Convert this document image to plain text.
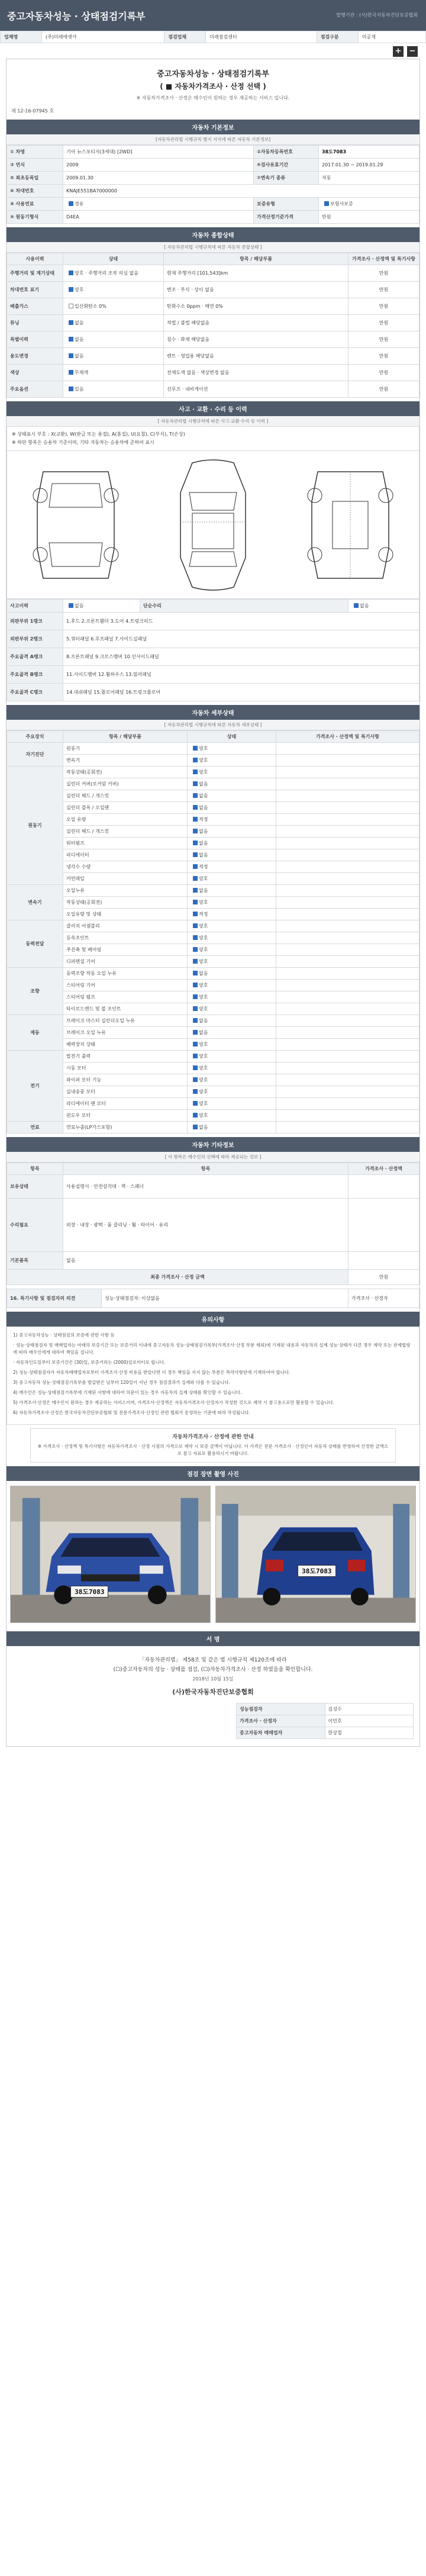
중고자동차성능 · 상태점검기록부	발행기관 : (사)한국자동차진단보증협회
업체명	(주)미래에셋카	점검업체	미래점검센터	점검구분	미공개
+ −
중고자동차성능 · 상태점검기록부
( ■ 자동차가격조사 · 산정 선택 )
※ 자동차가격조사 · 산정은 매수인이 원하는 경우 제공하는 서비스 입니다.
제 12-16-07945 호
자동차 기본정보
[자동차관리법 시행규칙 별지 서식에 따른 자동차 기본정보]
① 차명	기아 뉴스포티지(3세대) [2WD]	②자동차등록번호	38도7083
③ 연식	2009	④검사유효기간	2017.01.30 ~ 2019.01.29
⑤ 최초등록일	2009.01.30	⑦변속기 종류	자동
⑥ 차대번호	KNAJE551BA7000000		
⑧ 사용연료	경유	보증유형	보험사보증
⑨ 원동기형식	D4EA	가격산정기준가격	만원
자동차 종합상태
[ 자동차관리법 시행규칙에 따른 자동차 종합상태 ]
사용이력	상태	항목 / 해당부품	가격조사 · 산정액 및 특기사항
주행거리 및 계기상태	양호 · 주행거리 조작 의심 없음	현재 주행거리 [101,543]km	만원
차대번호 표기	양호	변조 · 부식 · 상이 없음	만원
배출가스	일산화탄소 0%	탄화수소 0ppm · 매연 0%	만원
튜닝	없음	적법 / 불법 해당없음	만원
특별이력	없음	침수 · 화재 해당없음	만원
용도변경	없음	렌트 · 영업용 해당없음	만원
색상	무채색	전체도색 없음 · 색상변경 없음	만원
주요옵션	있음	선루프 · 내비게이션	만원
사고 · 교환 · 수리 등 이력
[ 자동차관리법 시행규칙에 따른 사고·교환·수리 등 이력 ]
※ 상태표시 부호 : X(교환), W(판금 또는 용접), A(흠집), U(요철), C(부식), T(손상)
※ 하단 항목은 승용차 기준이며, 기타 자동차는 승용차에 준하여 표시
사고이력	없음	단순수리	없음
외판부위 1랭크	1.후드 2.프론트휀더 3.도어 4.트렁크리드		
외판부위 2랭크	5.쿼터패널 6.루프패널 7.사이드실패널		
주요골격 A랭크	8.프론트패널 9.크로스멤버 10.인사이드패널		
주요골격 B랭크	11.사이드멤버 12.휠하우스 13.필러패널		
주요골격 C랭크	14.대쉬패널 15.플로어패널 16.트렁크플로어		
자동차 세부상태
[ 자동차관리법 시행규칙에 따른 자동차 세부상태 ]
주요장치	항목 / 해당부품	상태	가격조사 · 산정액 및 특기사항
자기진단	원동기	양호	
	변속기	양호	
원동기	작동상태(공회전)	양호	
	실린더 커버(로커암 커버)	없음	
	실린더 헤드 / 개스킷	없음	
	실린더 블록 / 오일팬	없음	
	오일 유량	적정	
	실린더 헤드 / 개스킷	없음	
	워터펌프	없음	
	라디에이터	없음	
	냉각수 수량	적정	
	커먼레일	양호	
변속기	오일누유	없음	
	작동상태(공회전)	양호	
	오일유량 및 상태	적정	
동력전달	클러치 어셈블리	양호	
	등속조인트	양호	
	추진축 및 베어링	양호	
	디퍼렌셜 기어	양호	
조향	동력조향 작동 오일 누유	없음	
	스티어링 기어	양호	
	스티어링 펌프	양호	
	타이로드엔드 및 볼 조인트	양호	
제동	브레이크 마스터 실린더오일 누유	없음	
	브레이크 오일 누유	없음	
	배력장치 상태	양호	
전기	발전기 출력	양호	
	시동 모터	양호	
	와이퍼 모터 기능	양호	
	실내송풍 모터	양호	
	라디에이터 팬 모터	양호	
	윈도우 모터	양호	
연료	연료누출(LP가스포함)	없음	
자동차 기타정보
[ 이 항목은 매수인의 선택에 따라 제공되는 정보 ]
항목	항목	가격조사 · 산정액
보유상태	사용설명서 · 안전삼각대 · 잭 · 스패너	
수리필요	외장 · 내장 · 광택 · 룸 클리닝 · 휠 · 타이어 · 유리	
기본품목	없음	
최종 가격조사 · 산정 금액		만원
16. 특기사항 및 점검자의 의견	성능·상태점검자: 이상없음	가격조사 · 산정자
유의사항

1) 중고자동차성능 · 상태점검의 보증에 관한 사항 등

· 성능·상태점검자 및 매매업자는 아래의 보증기간 또는 보증거리 이내에 중고자동차 성능·상태점검기록부(가격조사·산정 부분 제외)에 기재된 내용과 자동차의 실제 성능·상태가 다른 경우 계약 또는 관계법령에 따라 매수인에게 대하여 책임을 집니다.

· 자동차인도일부터 보증기간은 (30)일, 보증거리는 (2000)킬로미터로 합니다.

2) 성능·상태점검자가 자동차매매업자로부터 가격조사·산정 비용을 받았다면 이 경우 책임을 지지 않는 부분은 특약사항란에 기재하여야 합니다.

3) 중고자동차 성능·상태점검기록부를 발급받은 날부터 120일이 지난 경우 점검결과가 실제와 다를 수 있습니다.

4) 매수인은 성능·상태점검기록부에 기재된 사항에 대하여 의문이 있는 경우 자동차의 실제 상태를 확인할 수 있습니다.

5) 가격조사·산정은 매수인이 원하는 경우 제공하는 서비스이며, 가격조사·산정액은 자동차가격조사·산정자가 작성한 것으로 계약 시 참고용으로만 활용할 수 있습니다.

6) 자동차가격조사·산정은 한국자동차진단보증협회 및 전문가격조사·산정인 관련 협회가 운영하는 기준에 따라 작성됩니다.

자동차가격조사 · 산정에 관한 안내
※ 가격조사 · 산정액 및 특기사항은 자동차가격조사 · 산정 시점의 가격으로 계약 시 보증 금액이 아닙니다. 이 가격은 전문 가격조사 · 산정인이 자동차 상태를 반영하여 산정한 금액으로 참고 자료로 활용하시기 바랍니다.
점검 장면 촬영 사진
38도7083
38도7083
서 명
「자동차관리법」 제58조 및 같은 법 시행규칙 제120조에 따라
(☐)중고자동차의 성능 · 상태를 점검, (☐)자동차가격조사 · 산정 하였음을 확인합니다.
2018년 10월 15일
(사)한국자동차진단보증협회
성능점검자	김성수
가격조사 · 산정자	이민호
중고자동차 매매업자	한상철
